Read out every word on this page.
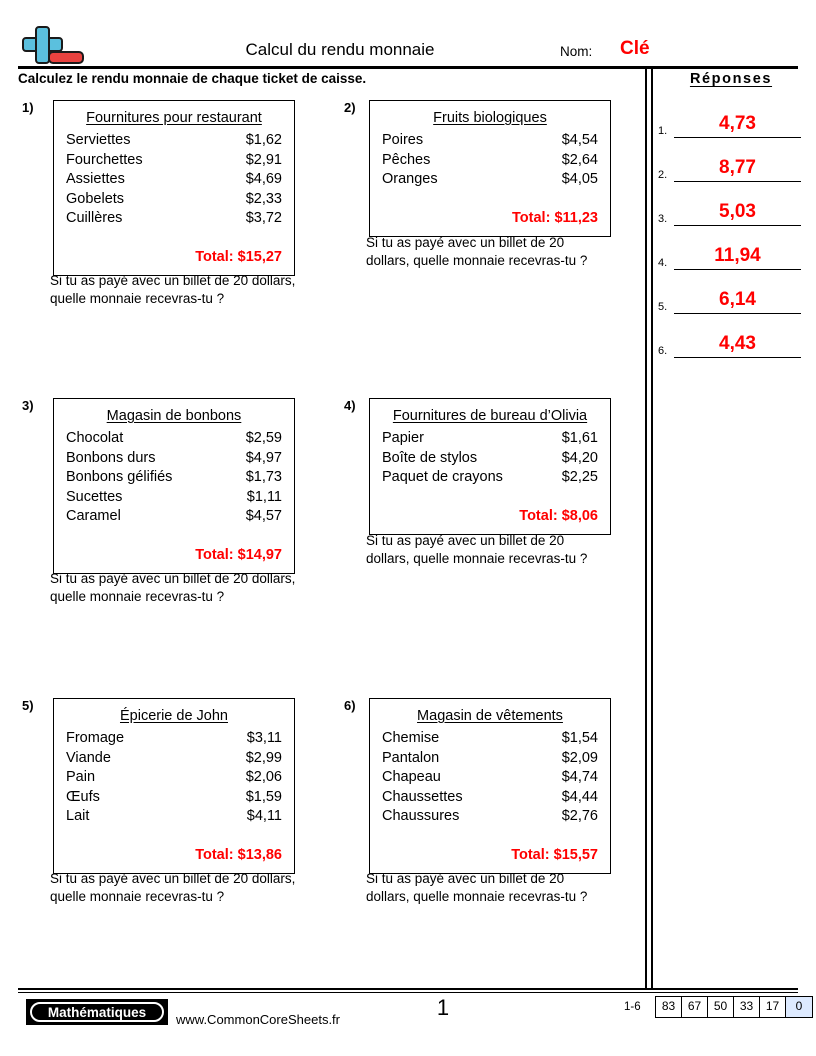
Calcul du rendu monnaie	Nom: Clé
Calculez le rendu monnaie de chaque ticket de caisse.	Réponses
1.	4,73
2.	8,77
3.	5,03
4.	11,94
5.	6,14
6.	4,43
1)
Fournitures pour restaurant
Serviettes	$1,62
Fourchettes	$2,91
Assiettes	$4,69
Gobelets	$2,33
Cuillères	$3,72
Total: $15,27
Si tu as payé avec un billet de 20 dollars,
quelle monnaie recevras-tu ?
2)
Fruits biologiques
Poires	$4,54
Pêches	$2,64
Oranges	$4,05
Total: $11,23
Si tu as payé avec un billet de 20
dollars, quelle monnaie recevras-tu ?
3)
Magasin de bonbons
Chocolat	$2,59
Bonbons durs	$4,97
Bonbons gélifiés	$1,73
Sucettes	$1,11
Caramel	$4,57
Total: $14,97
Si tu as payé avec un billet de 20 dollars,
quelle monnaie recevras-tu ?
4)
Fournitures de bureau d’Olivia
Papier	$1,61
Boîte de stylos	$4,20
Paquet de crayons	$2,25
Total: $8,06
Si tu as payé avec un billet de 20
dollars, quelle monnaie recevras-tu ?
5)
Épicerie de John
Fromage	$3,11
Viande	$2,99
Pain	$2,06
Œufs	$1,59
Lait	$4,11
Total: $13,86
Si tu as payé avec un billet de 20 dollars,
quelle monnaie recevras-tu ?
6)
Magasin de vêtements
Chemise	$1,54
Pantalon	$2,09
Chapeau	$4,74
Chaussettes	$4,44
Chaussures	$2,76
Total: $15,57
Si tu as payé avec un billet de 20
dollars, quelle monnaie recevras-tu ?
Mathématiques	www.CommonCoreSheets.fr	1	1-6	83	67	50	33	17	0
